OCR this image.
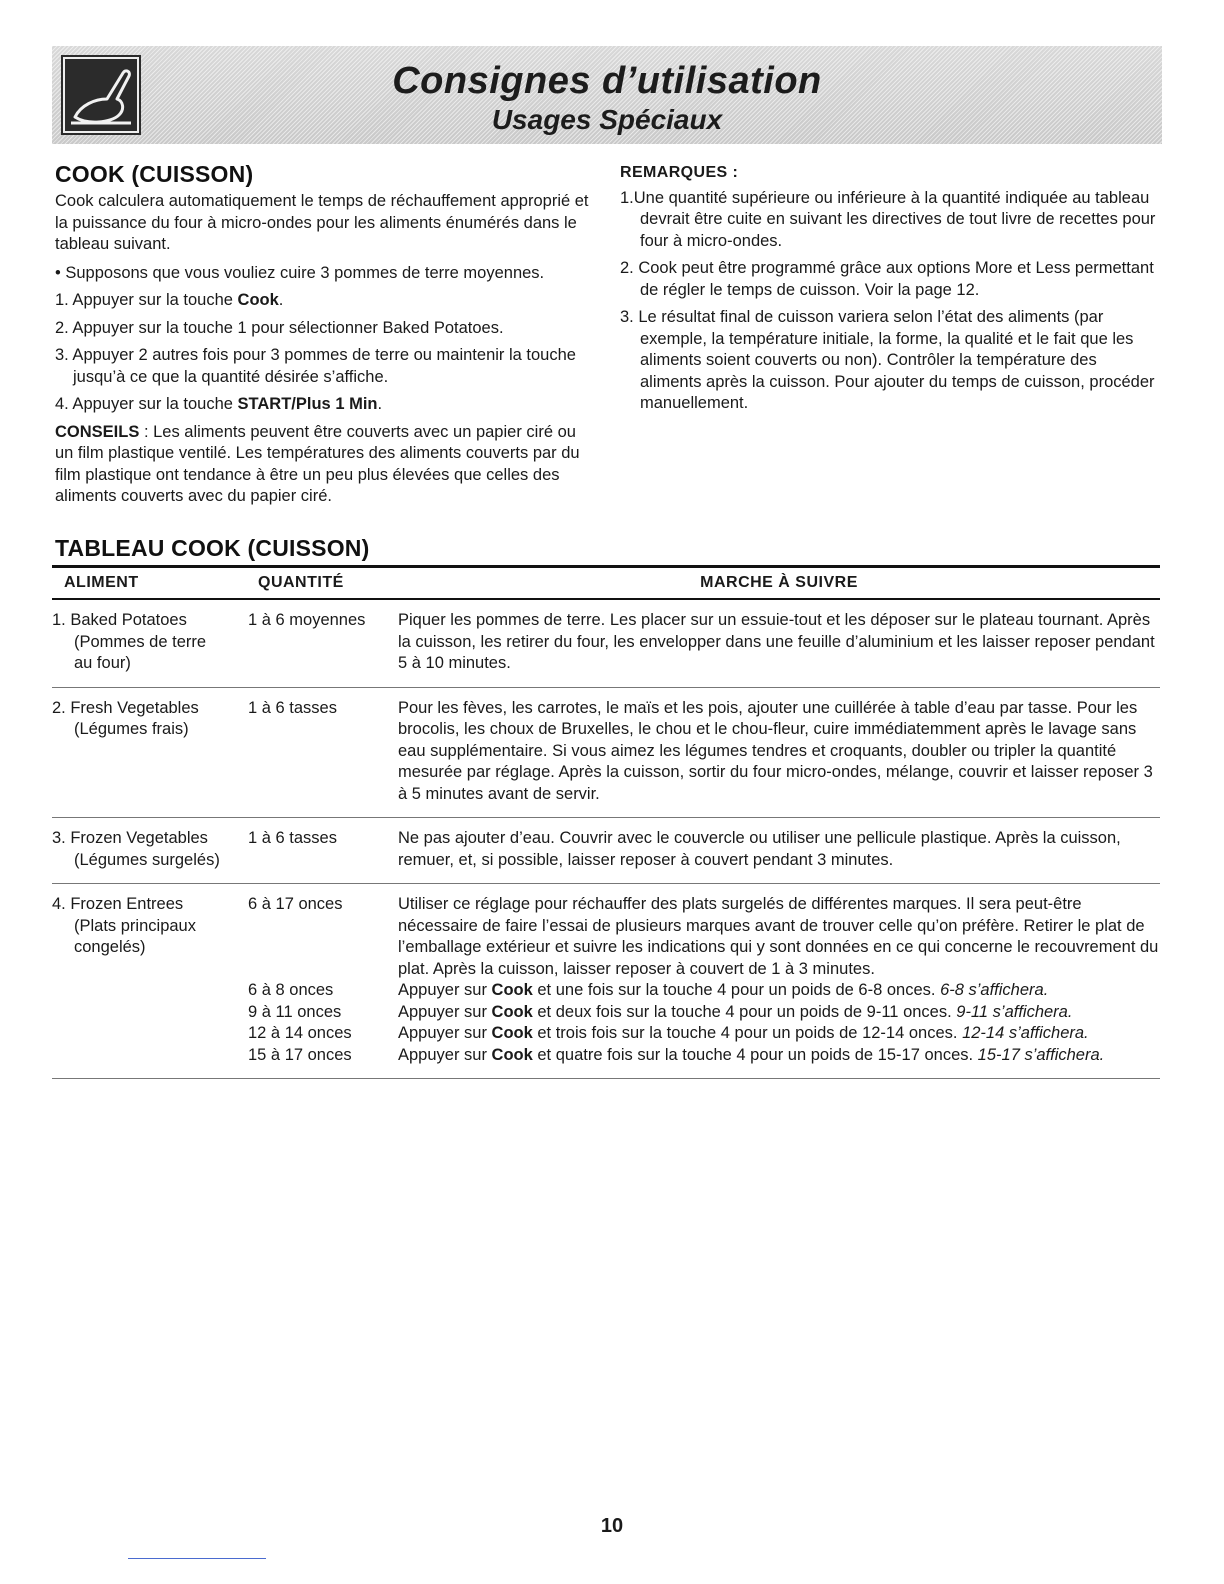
Consignes d’utilisation
Usages Spéciaux
COOK (CUISSON)

Cook calculera automatiquement le temps de réchauffement approprié et la puissance du four à micro-ondes pour les aliments énumérés dans le tableau suivant.

• Supposons que vous vouliez cuire 3 pommes de terre moyennes.

1. Appuyer sur la touche Cook.

2. Appuyer sur la touche 1 pour sélectionner Baked Potatoes.

3. Appuyer 2 autres fois pour 3 pommes de terre ou maintenir la touche jusqu’à ce que la quantité désirée s’affiche.

4. Appuyer sur la touche START/Plus 1 Min.

CONSEILS : Les aliments peuvent être couverts avec un papier ciré ou un film plastique ventilé. Les températures des aliments couverts par du film plastique ont tendance à être un peu plus élevées que celles des aliments couverts avec du papier ciré.

REMARQUES :

1.Une quantité supérieure ou inférieure à la quantité indiquée au tableau devrait être cuite en suivant les directives de tout livre de recettes pour four à micro-ondes.

2. Cook peut être programmé grâce aux options More et Less permettant de régler le temps de cuisson. Voir la page 12.

3. Le résultat final de cuisson variera selon l’état des aliments (par exemple, la température initiale, la forme, la qualité et le fait que les aliments soient couverts ou non). Contrôler la température des aliments après la cuisson. Pour ajouter du temps de cuisson, procéder manuellement.

TABLEAU COOK (CUISSON)
ALIMENT	QUANTITÉ	MARCHE À SUIVRE
1. Baked Potatoes
(Pommes de terre
au four)
1 à 6 moyennes	Piquer les pommes de terre. Les placer sur un essuie-tout et les déposer sur le plateau tournant. Après la cuisson, les retirer du four, les envelopper dans une feuille d’aluminium et les laisser reposer pendant 5 à 10 minutes.
2. Fresh Vegetables
(Légumes frais)
1 à 6 tasses	Pour les fèves, les carrotes, le maïs et les pois, ajouter une cuillérée à table d’eau par tasse. Pour les brocolis, les choux de Bruxelles, le chou et le chou-fleur, cuire immédiatemment après le lavage sans eau supplémentaire. Si vous aimez les légumes tendres et croquants, doubler ou tripler la quantité mesurée par réglage. Après la cuisson, sortir du four micro-ondes, mélange, couvrir et laisser reposer 3 à 5 minutes avant de servir.
3. Frozen Vegetables
(Légumes surgelés)
1 à 6 tasses	Ne pas ajouter d’eau. Couvrir avec le couvercle ou utiliser une pellicule plastique. Après la cuisson, remuer, et, si possible, laisser reposer à couvert pendant 3 minutes.
4. Frozen Entrees
(Plats principaux
congelés)
6 à 17 onces	Utiliser ce réglage pour réchauffer des plats surgelés de différentes marques. Il sera peut-être nécessaire de faire l’essai de plusieurs marques avant de trouver celle qu’on préfère. Retirer le plat de l’emballage extérieur et suivre les indications qui y sont données en ce qui concerne le recouvrement du plat. Après la cuisson, laisser reposer à couvert de 1 à 3 minutes.
6 à 8 onces	Appuyer sur Cook et une fois sur la touche 4 pour un poids de 6-8 onces. 6-8 s’affichera.
9 à 11 onces	Appuyer sur Cook et deux fois sur la touche 4 pour un poids de 9-11 onces. 9-11 s’affichera.
12 à 14 onces	Appuyer sur Cook et trois fois sur la touche 4 pour un poids de 12-14 onces. 12-14 s’affichera.
15 à 17 onces	Appuyer sur Cook et quatre fois sur la touche 4 pour un poids de 15-17 onces. 15-17 s’affichera.
10
